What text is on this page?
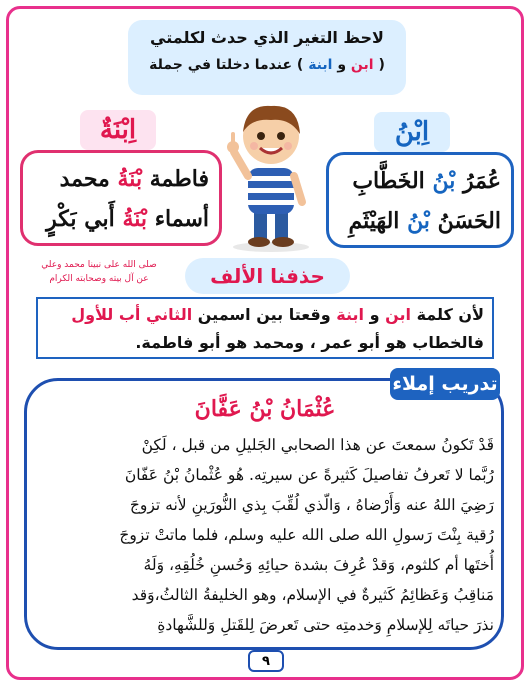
لاحظ التغير الذي حدث لكلمتي
( ابن و ابنة ) عندما دخلتا في جملة
اِبْنُ
اِبْنَةٌ
عُمَرُ بْنُ الخَطَّابِ
الحَسَنُ بْنُ الهَيْثَمِ
فاطمة بْنَةُ محمد
أسماء بْنَةُ أَبي بَكْرٍ
صلى الله على نبينا محمد وعلي
عن آل بيته وصحابته الكرام	حذفنا الألف
لأن كلمة ابن و ابنة وقعتا بين اسمين الثاني أب للأول
فالخطاب هو أبو عمر ، ومحمد هو أبو فاطمة.
تدريب إملاء
عُثْمَانُ بْنُ عَفَّانَ
قَدْ تَكونُ سمعتَ عن هذا الصحابي الجَليلِ من قبل ، لَكِنْ
رُبَّما لا تَعرفُ تفاصيلَ كَثيرةً عن سيرتِه. هُو عُثْمانُ بْنُ عَفّانَ
رَضِيَ اللهُ عنه وَأَرْضاهُ ، وَالّذي لُقِّبَ بِذي النُّورَينِ لأنه تزوجَ
رُقية بِنْتَ رَسولِ الله صلى الله عليه وسلم، فلما ماتتْ تزوجَ
أُختَها أم كلثوم، وَقدْ عُرِفَ بشدة حيائِهِ وَحُسنِ خُلُقِهِ، وَلَهُ
مَناقِبُ وَعَظائِمُ كَثيرةٌ في الإسلام، وهو الخليفةُ الثالثُ،وَقد
نذرَ حياتَه لِلإسلامِ وَخدمتِه حتى تَعرضَ لِلقَتلِ وَللشَّهادةِ
٩
